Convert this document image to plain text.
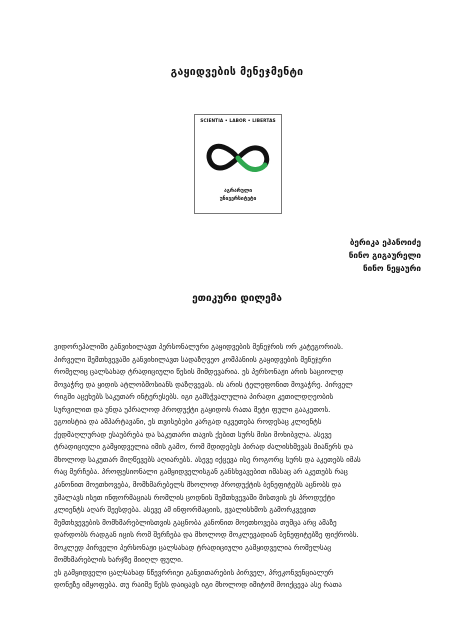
გაყიდვების მენეჯმენტი
SCIENTIA • LABOR • LIBERTAS
აგრარული
უნივერსიტეტი
ბერიკა ეჰანოიძე
ნინო გიგაურელი
ნინო ნეყაური
ეთიკური დილემა
ვიდორეჰალიში განვიხილავთ პერსონალური გაყიდვების მენეჯრის ორ კატეგორიას.
პირველი შემთხვევაში განვიხილავთ სადაზღვეო კომპანიის გაყიდვების მენეჯერი
რომელიც ცალსახად ტრადიციული წესის მიმდევარია. ეს პერსონაჟი არის საციოლდ
მოვაჭრე და ყიდის ატლობმოსიანს დაზღვევას. ის არის ტელეფონით მოვაჭრე. პირველ
რიგში აცეხებს საკუთარ ინტერესებს. იგი გამსჭვალულია პირადი კეთილდღეობის
სურვილით და უნდა უპრალოდ პროდუქტი გაყიდოს რათა მეტი ფული გააკეთოს.
ეგოისტია და ამპარტავანი, ეს თვისებები კარგად იკვეთება როდესაც კლიენტს
ქედმაღლურად ესაუბრება და საკუთარი თავის ქებით სურს მისი მოხიბვლა. ასევე
ტრადიციული გამყიდველია იმის გამო, რომ მდიდებეს პირად ძალისხმევას მიაწერს და
მხოლოდ საკუთარ მიღწევებს აღიარებს. ასევე იქცევა ისე როგორც სურს და აკეთებს იმას
რაც მერჩება. პროფესიონალი გამყიდველისგან განსხვავებით იმასაც არ აკეთებს რაც
კანონით მოეთხოვება, მომხმარებელს მხოლოდ პროდუქტის ბენეფიტებს აცნობს და
უმალავს ისეთ ინფორმაციას რომლის ცოდნის შემთხვევაში მისთვის ეს პროდუქტი
კლიენტს აღარ შეესდება. ასევე ამ ინფორმაციის, ჟვალისხმოს გამორკვევით
შემთხვევების მომხმარებლისთვის გაცნობა კანონით მოეთხოვება თუმცა არც ამაზე
დარდობს რადგან იცის რომ შერჩება და მხოლოდ მოკლევადიან ბენეფიტებზე ფიქრობს.
მოკლედ პირველი პერსონაჟი ცალსახად ტრადიციული გამყიდველია რომელსაც
მომხმარებლის ხარჯზე მიიღლ ფული.
ეს გამყიდველი ცალსახად ნწევრრიეი განვითარების პირველ, პრეკონვენციალურ
დონეზე იმყოფება. თუ რაიმე წესს დაიცავს იგი მხოლოდ იმიტომ მოიქცევა ასე რათა
